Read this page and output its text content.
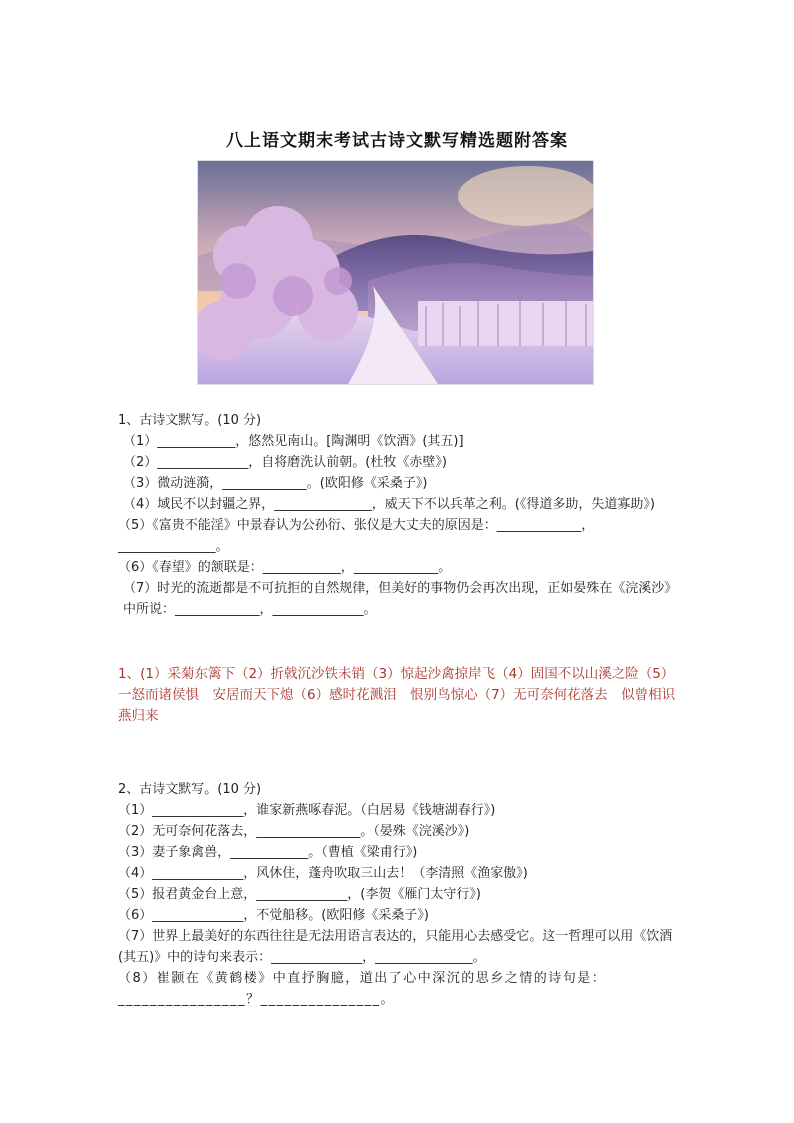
八上语文期末考试古诗文默写精选题附答案

1、古诗文默写。(10 分)

（1）____________，悠然见南山。[陶渊明《饮酒》(其五)]

（2）______________，自将磨洗认前朝。(杜牧《赤壁》)

（3）微动涟漪，_____________。(欧阳修《采桑子》)

（4）域民不以封疆之界，_______________，威天下不以兵革之利。(《得道多助，失道寡助》)

（5）《富贵不能淫》中景春认为公孙衍、张仪是大丈夫的原因是：_____________，_______________。

（6）《春望》的颔联是：____________，_____________。

（7）时光的流逝都是不可抗拒的自然规律，但美好的事物仍会再次出现，正如晏殊在《浣溪沙》中所说：_____________，______________。

1、(1）采菊东篱下（2）折戟沉沙铁未销（3）惊起沙禽掠岸飞（4）固国不以山溪之险（5）一怒而诸侯惧　安居而天下熄（6）感时花溅泪　恨别鸟惊心（7）无可奈何花落去　似曾相识燕归来

2、古诗文默写。(10 分)

（1）______________，谁家新燕啄春泥。（白居易《钱塘湖春行》)

（2）无可奈何花落去，________________。（晏殊《浣溪沙》)

（3）妻子象禽兽，____________。（曹植《梁甫行》)

（4）______________，风休住，蓬舟吹取三山去！（李清照《渔家傲》)

（5）报君黄金台上意，______________，(李贺《雁门太守行》)

（6）______________，不觉船移。(欧阳修《采桑子》)

（7）世界上最美好的东西往往是无法用语言表达的，只能用心去感受它。这一哲理可以用《饮酒(其五)》中的诗句来表示：______________，_______________。

（8）崔颢在《黄鹤楼》中直抒胸臆，道出了心中深沉的思乡之情的诗句是：________________？_______________。
